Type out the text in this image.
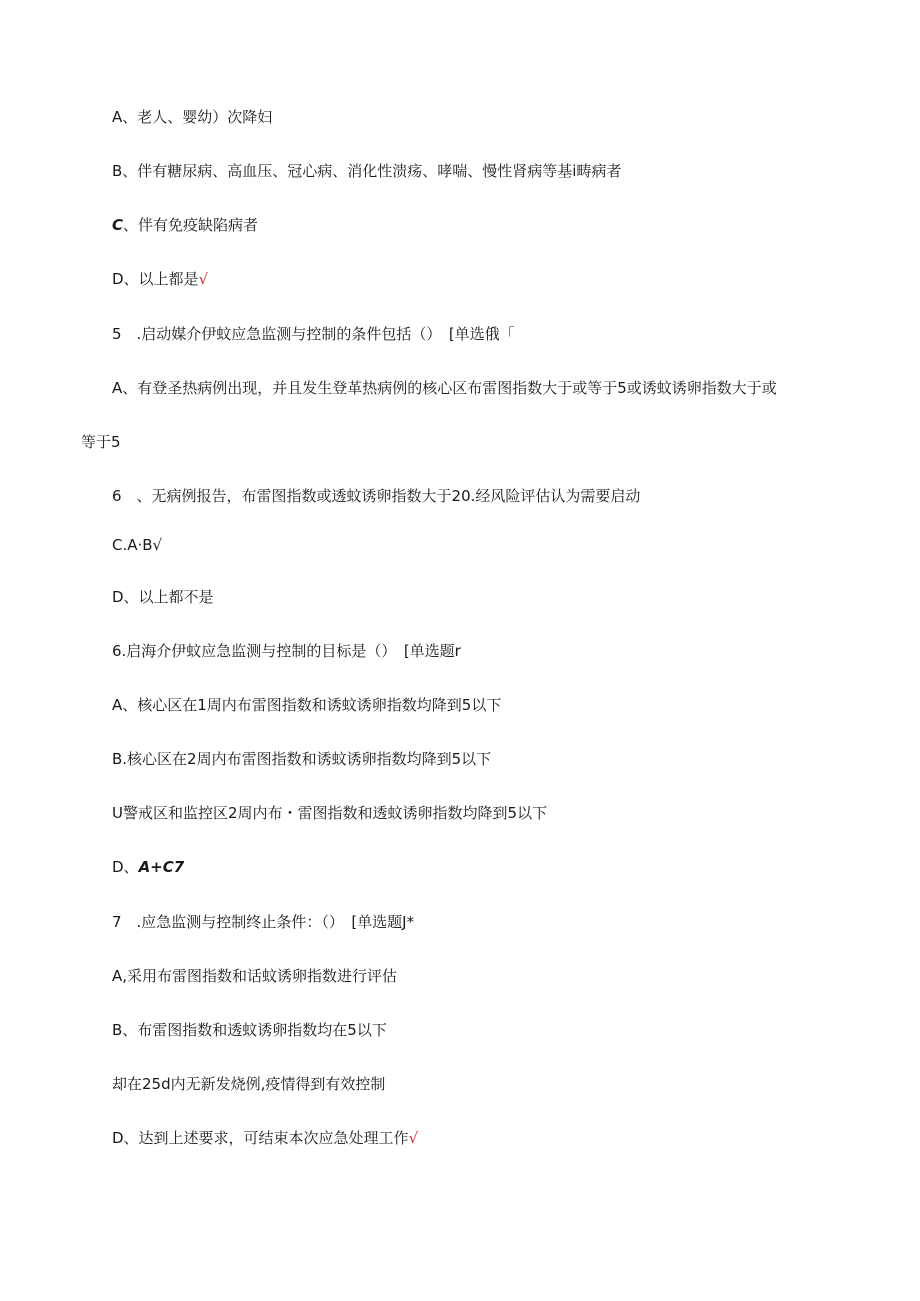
A、老人、婴幼）次降妇
B、伴有糖尿病、高血压、冠心病、消化性溃疡、哮喘、慢性肾病等基i畴病者
C、伴有免疫缺陷病者
D、以上都是√
5　.启动媒介伊蚊应急监测与控制的条件包括（）　[单选俄「
A、有登圣热病例出现，并且发生登革热病例的核心区布雷图指数大于或等于5或诱蚊诱卵指数大于或
等于5
6　、无病例报告，布雷图指数或透蚊诱卵指数大于20.经风险评估认为需要启动
C.A·B√
D、以上都不是
6.启海介伊蚊应急监测与控制的目标是（）　[单选题r
A、核心区在1周内布雷图指数和诱蚊诱卵指数均降到5以下
B.核心区在2周内布雷图指数和诱蚊诱卵指数均降到5以下
U警戒区和监控区2周内布・雷图指数和透蚊诱卵指数均降到5以下
D、A+C7
7　.应急监测与控制终止条件：（）　[单选题J*
A,采用布雷图指数和话蚊诱卵指数进行评估
B、布雷图指数和透蚊诱卵指数均在5以下
却在25d内无新发烧例,疫情得到有效控制
D、达到上述要求，可结束本次应急处理工作√
